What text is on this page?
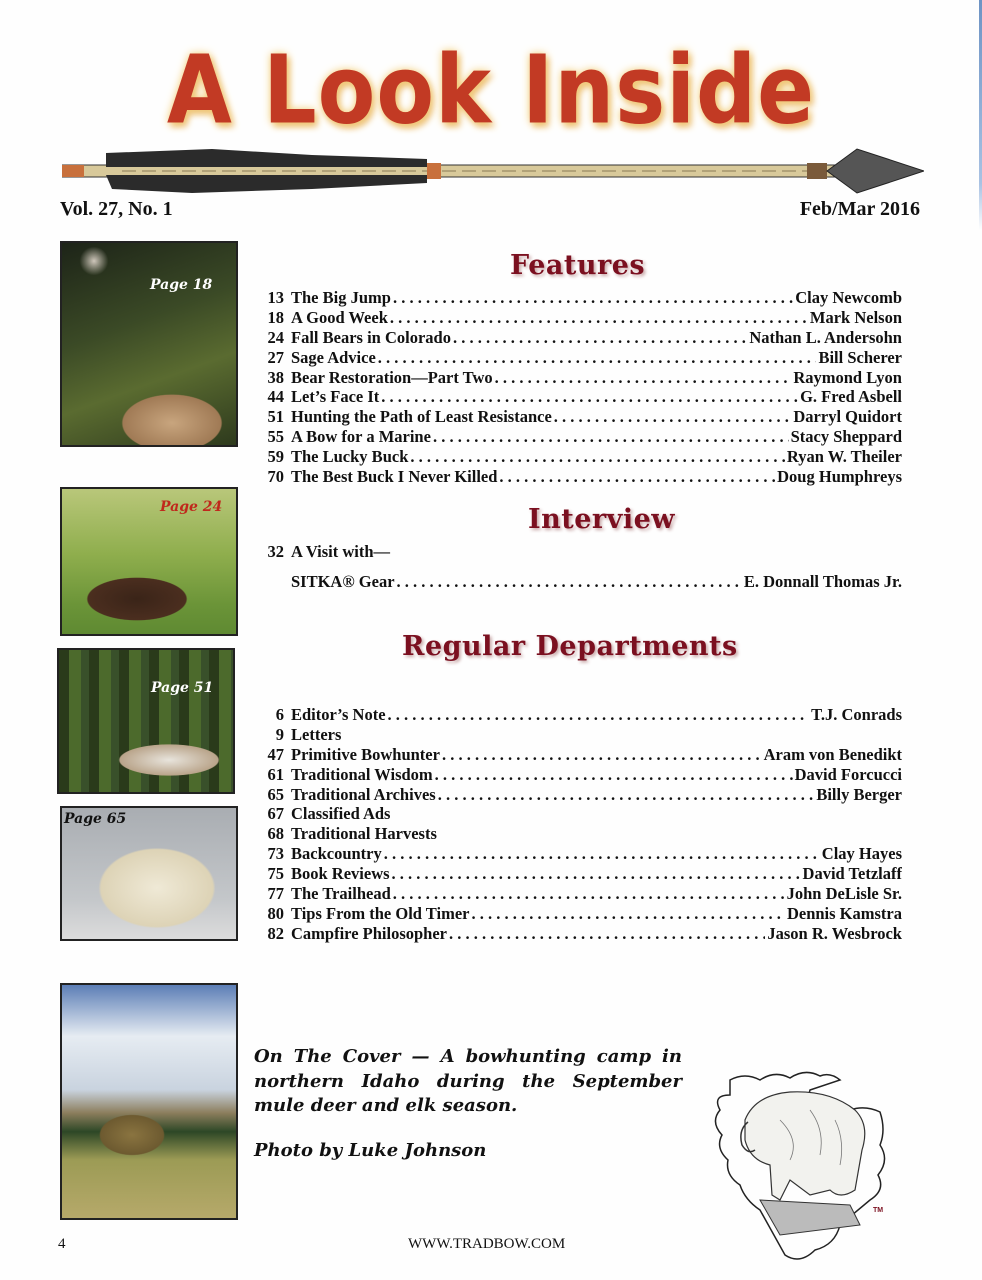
A Look Inside
Vol. 27, No. 1	Feb/Mar 2016
Page 18
Page 24
Page 51
Page 65
Features
13 The Big Jump . . .	Clay Newcomb
18 A Good Week . . .	Mark Nelson
24 Fall Bears in Colorado . . .	Nathan L. Andersohn
27 Sage Advice . . .	Bill Scherer
38 Bear Restoration—Part Two . . .	Raymond Lyon
44 Let’s Face It . . .	G. Fred Asbell
51 Hunting the Path of Least Resistance . . .	Darryl Quidort
55 A Bow for a Marine . . .	Stacy Sheppard
59 The Lucky Buck . . .	Ryan W. Theiler
70 The Best Buck I Never Killed . . .	Doug Humphreys
Interview
32 A Visit with—
SITKA® Gear . . .	E. Donnall Thomas Jr.
Regular Departments
6 Editor’s Note . . .	T.J. Conrads
9 Letters
47 Primitive Bowhunter . . .	Aram von Benedikt
61 Traditional Wisdom . . .	David Forcucci
65 Traditional Archives . . .	Billy Berger
67 Classified Ads
68 Traditional Harvests
73 Backcountry . . .	Clay Hayes
75 Book Reviews . . .	David Tetzlaff
77 The Trailhead . . .	John DeLisle Sr.
80 Tips From the Old Timer . . .	Dennis Kamstra
82 Campfire Philosopher . . .	Jason R. Wesbrock
On The Cover — A bowhunting camp in northern Idaho during the September mule deer and elk season.
Photo by Luke Johnson
TM
4	WWW.TRADBOW.COM
